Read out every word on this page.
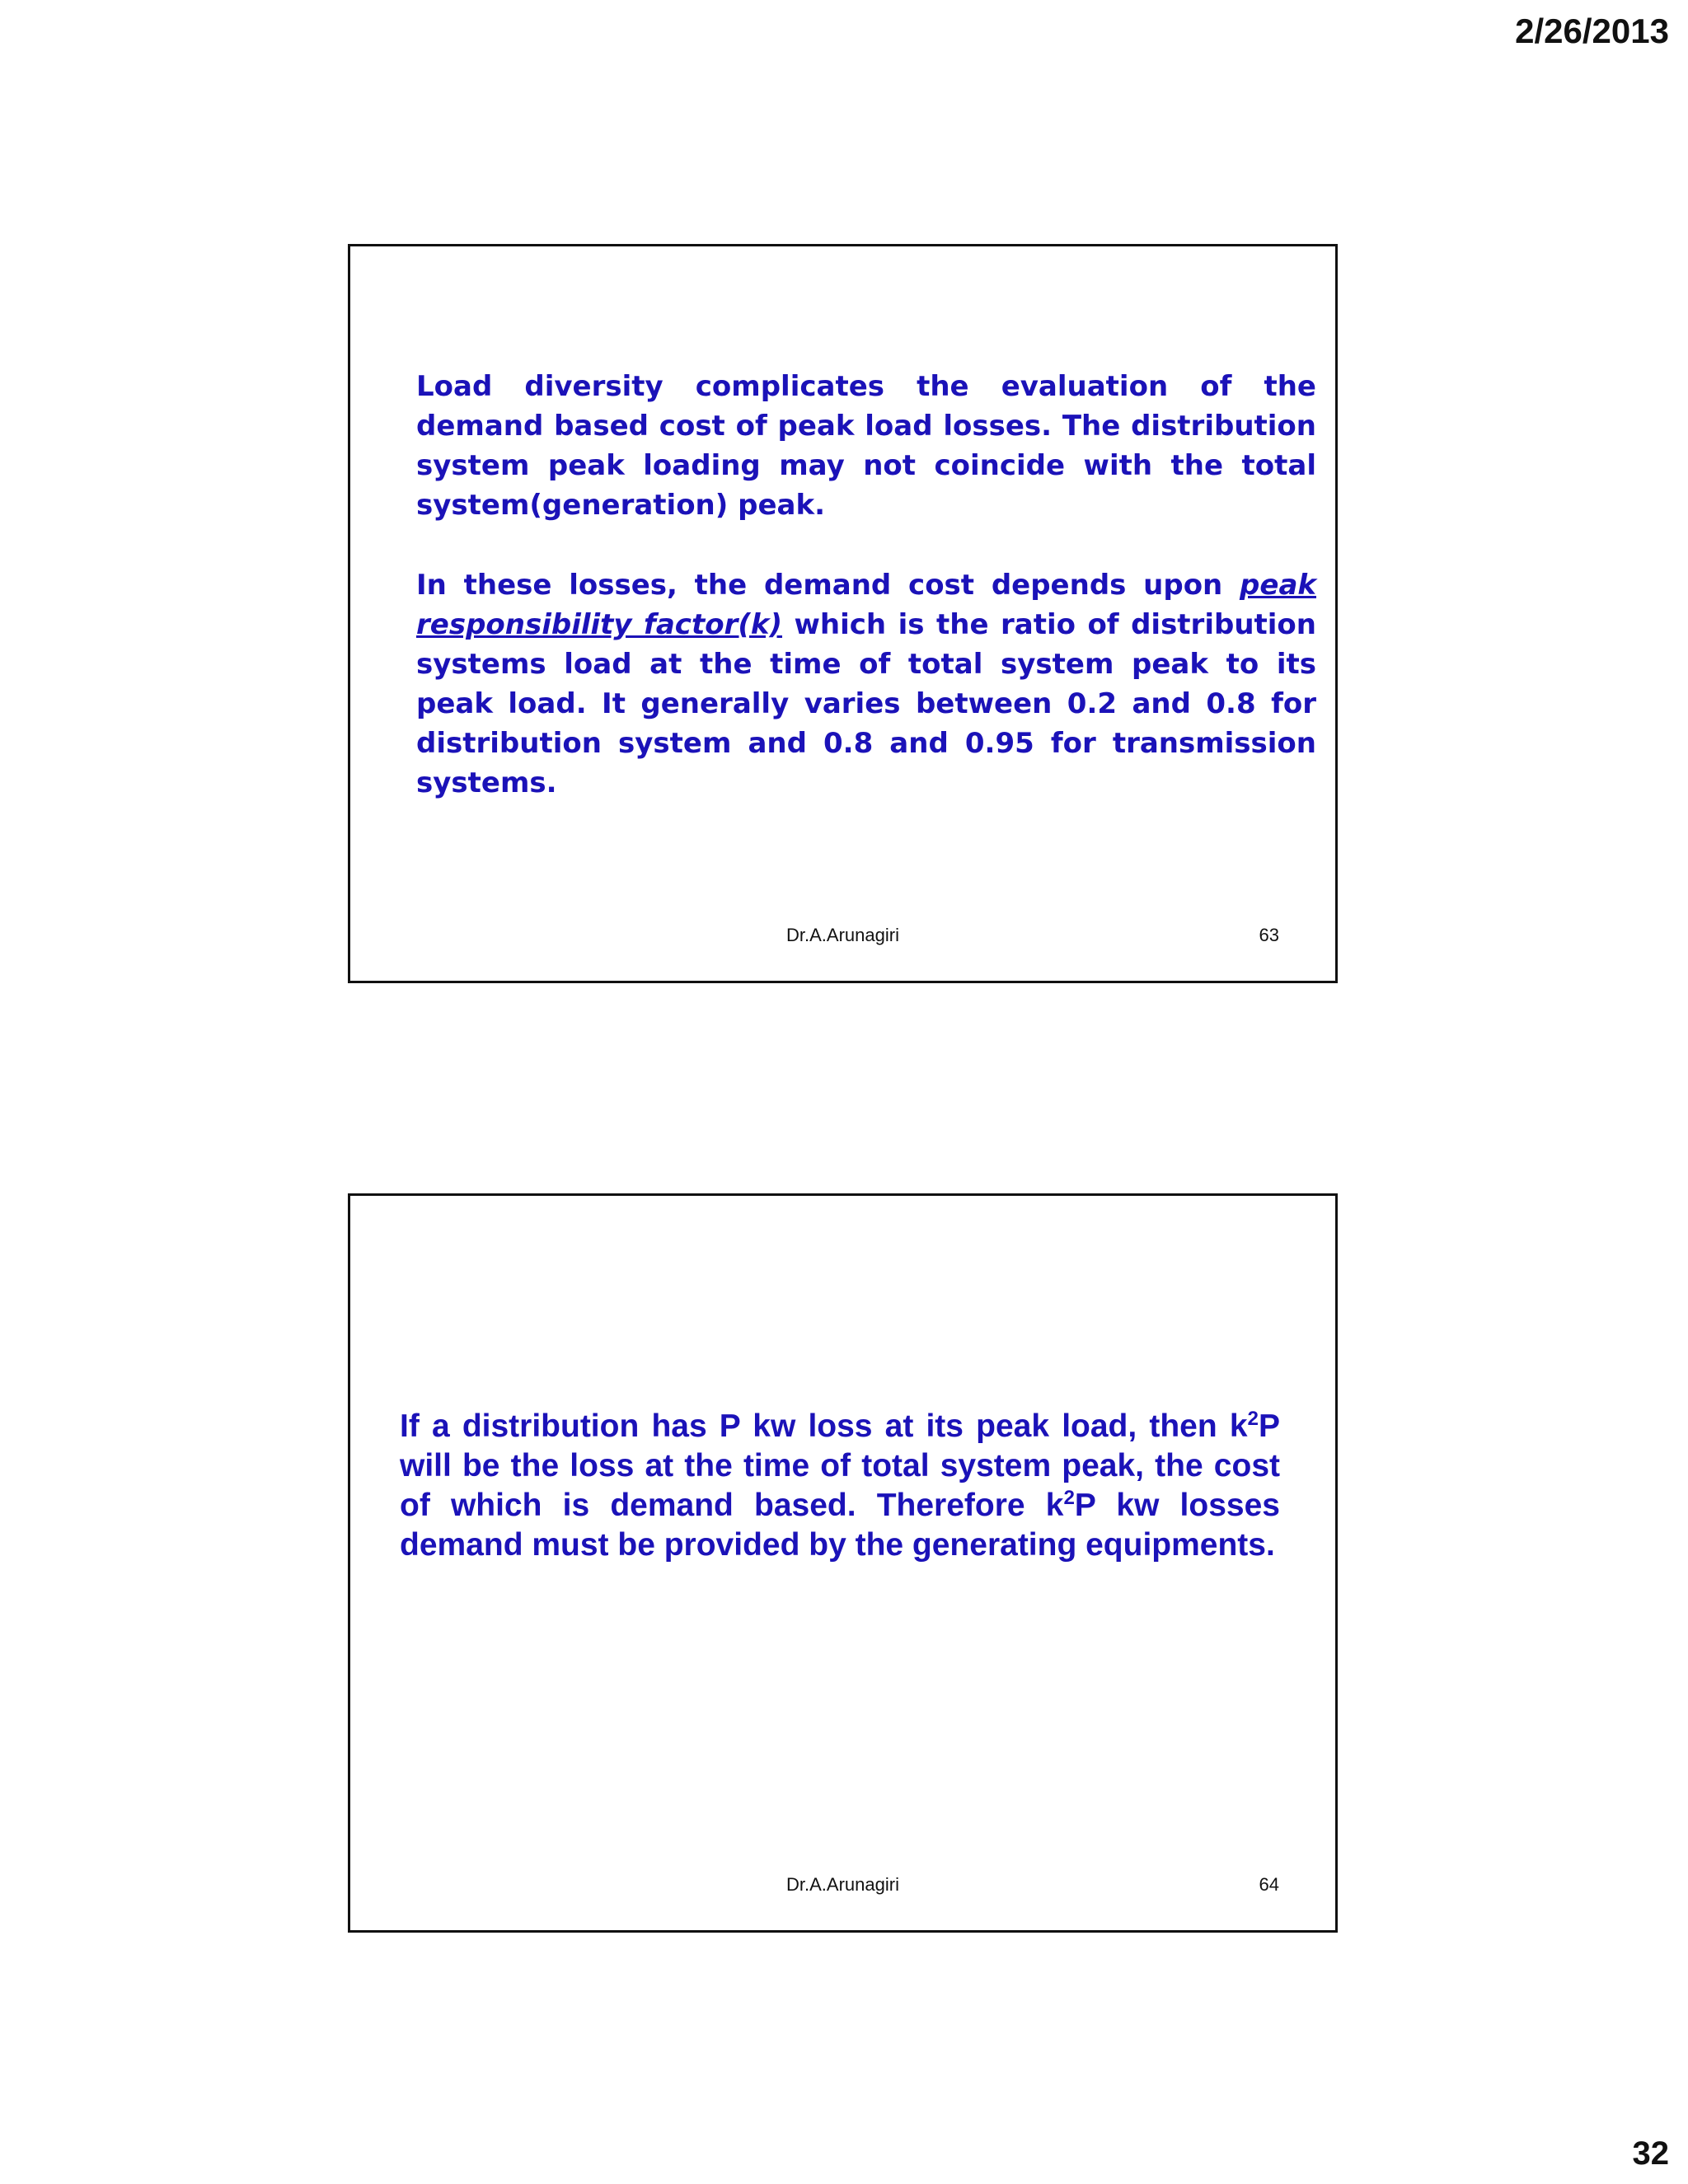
2/26/2013

Load diversity complicates the evaluation of the demand based cost of peak load losses. The distribution system peak loading may not coincide with the total system(generation) peak.

In these losses, the demand cost depends upon peak responsibility factor(k) which is the ratio of distribution systems load at the time of total system peak to its peak load. It generally varies between 0.2 and 0.8 for distribution system and 0.8 and 0.95 for transmission systems.

Dr.A.Arunagiri	63

If a distribution has P kw loss at its peak load, then $k^2P$ will be the loss at the time of total system peak, the cost of which is demand based. Therefore $k^2P$ kw losses demand must be provided by the generating equipments.

Dr.A.Arunagiri	64
32
